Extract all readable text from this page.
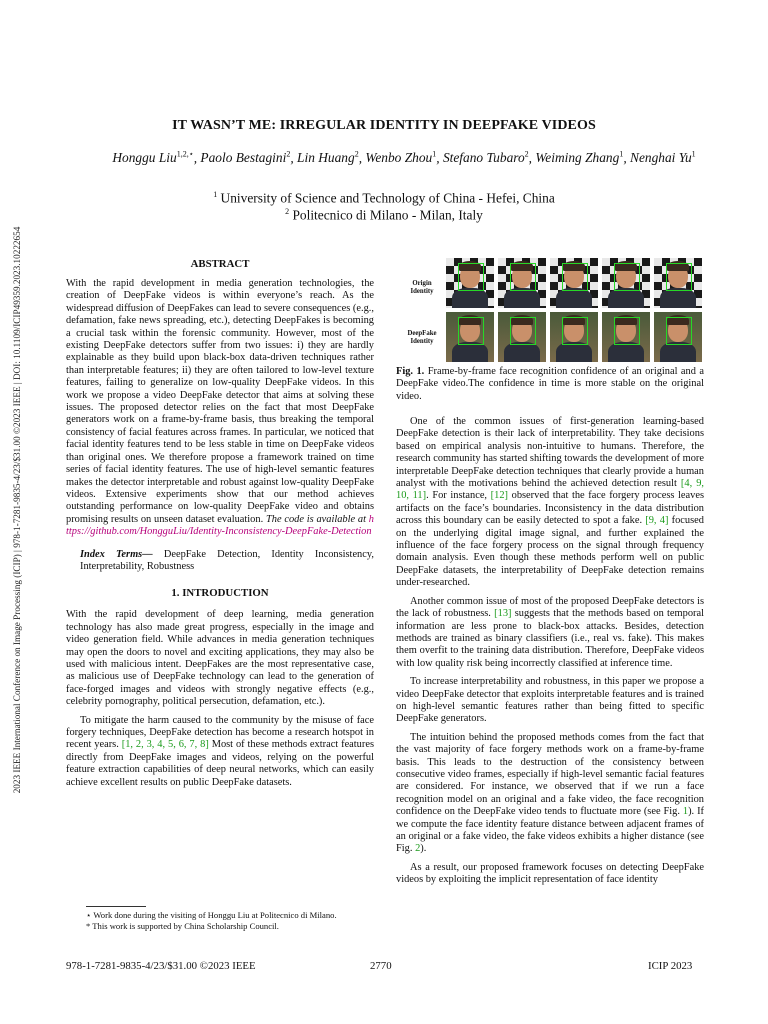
IT WASN’T ME: IRREGULAR IDENTITY IN DEEPFAKE VIDEOS
Honggu Liu$^{1,2,⋆}$, Paolo Bestagini$^2$, Lin Huang$^2$, Wenbo Zhou$^1$, Stefano Tubaro$^2$, Weiming Zhang$^1$, Nenghai Yu$^1$
$^1$ University of Science and Technology of China - Hefei, China
$^2$ Politecnico di Milano - Milan, Italy
2023 IEEE International Conference on Image Processing (ICIP) | 978-1-7281-9835-4/23/$31.00 ©2023 IEEE | DOI: 10.1109/ICIP49359.2023.10222654	ABSTRACT

With the rapid development in media generation technologies, the creation of DeepFake videos is within everyone’s reach. As the widespread diffusion of DeepFakes can lead to severe consequences (e.g., defamation, fake news spreading, etc.), detecting DeepFakes is becoming a crucial task within the forensic community. However, most of the existing DeepFake detectors suffer from two issues: i) they are hardly explainable as they build upon black-box data-driven techniques rather than interpretable features; ii) they are often tailored to low-level texture features, failing to generalize on low-quality DeepFake videos. In this work we propose a video DeepFake detector that aims at solving these issues. The proposed detector relies on the fact that most DeepFake generators work on a frame-by-frame basis, thus breaking the temporal consistency of facial features across frames. In particular, we noticed that facial identity features tend to be less stable in time on DeepFake videos than original ones. We therefore propose a framework trained on time series of facial identity features. The use of high-level semantic features makes the detector interpretable and robust against low-quality DeepFake videos. Extensive experiments show that our method achieves outstanding performance on low-quality DeepFake video and obtains promising results on unseen dataset evaluation. The code is available at https://github.com/HongguLiu/Identity-Inconsistency-DeepFake-Detection

Index Terms— DeepFake Detection, Identity Inconsistency, Interpretability, Robustness
1. INTRODUCTION

With the rapid development of deep learning, media generation technology has also made great progress, especially in the image and video generation field. While advances in media generation techniques may open the doors to novel and exciting applications, they may also be used with malicious intent. DeepFakes are the most representative case, as malicious use of DeepFake technology can lead to the generation of face-forged images and videos with strongly negative effects (e.g., celebrity pornography, political persecution, defamation, etc.).

To mitigate the harm caused to the community by the misuse of face forgery techniques, DeepFake detection has become a research hotspot in recent years. [1, 2, 3, 4, 5, 6, 7, 8] Most of these methods extract features directly from DeepFake images and videos, relying on the powerful feature extraction capabilities of deep neural networks, which can easily achieve excellent results on public DeepFake datasets.

⋆ Work done during the visiting of Honggu Liu at Politecnico di Milano.
* This work is supported by China Scholarship Council.
Origin Identity
DeepFake Identity
Fig. 1. Frame-by-frame face recognition confidence of an original and a DeepFake video.The confidence in time is more stable on the original video.

One of the common issues of first-generation learning-based DeepFake detection is their lack of interpretability. They take decisions based on empirical analysis non-intuitive to humans. Therefore, the research community has started shifting towards the development of more interpretable DeepFake detection techniques that clearly provide a human analyst with the motivations behind the achieved detection result [4, 9, 10, 11]. For instance, [12] observed that the face forgery process leaves artifacts on the face’s boundaries. Inconsistency in the data distribution across this boundary can be easily detected to spot a fake. [9, 4] focused on the underlying digital image signal, and further explained the influence of the face forgery process on the signal through frequency domain analysis. Even though these methods perform well on public DeepFake datasets, the interpretability of DeepFake detection remains under-researched.

Another common issue of most of the proposed DeepFake detectors is the lack of robustness. [13] suggests that the methods based on temporal information are less prone to black-box attacks. Besides, detection methods are trained as binary classifiers (i.e., real vs. fake). This makes them overfit to the training data distribution. Therefore, DeepFake videos with low quality risk being incorrectly classified at inference time.

To increase interpretability and robustness, in this paper we propose a video DeepFake detector that exploits interpretable features and is trained on high-level semantic features rather than being fitted to specific DeepFake generators.

The intuition behind the proposed methods comes from the fact that the vast majority of face forgery methods work on a frame-by-frame basis. This leads to the destruction of the consistency between consecutive video frames, especially if high-level semantic facial features are considered. For instance, we observed that if we run a face recognition model on an original and a fake video, the face recognition confidence on the DeepFake video tends to fluctuate more (see Fig. 1). If we compute the face identity feature distance between adjacent frames of an original or a fake video, the fake videos exhibits a higher distance (see Fig. 2).

As a result, our proposed framework focuses on detecting DeepFake videos by exploiting the implicit representation of face identity

978-1-7281-9835-4/23/$31.00 ©2023 IEEE	2770	ICIP 2023
